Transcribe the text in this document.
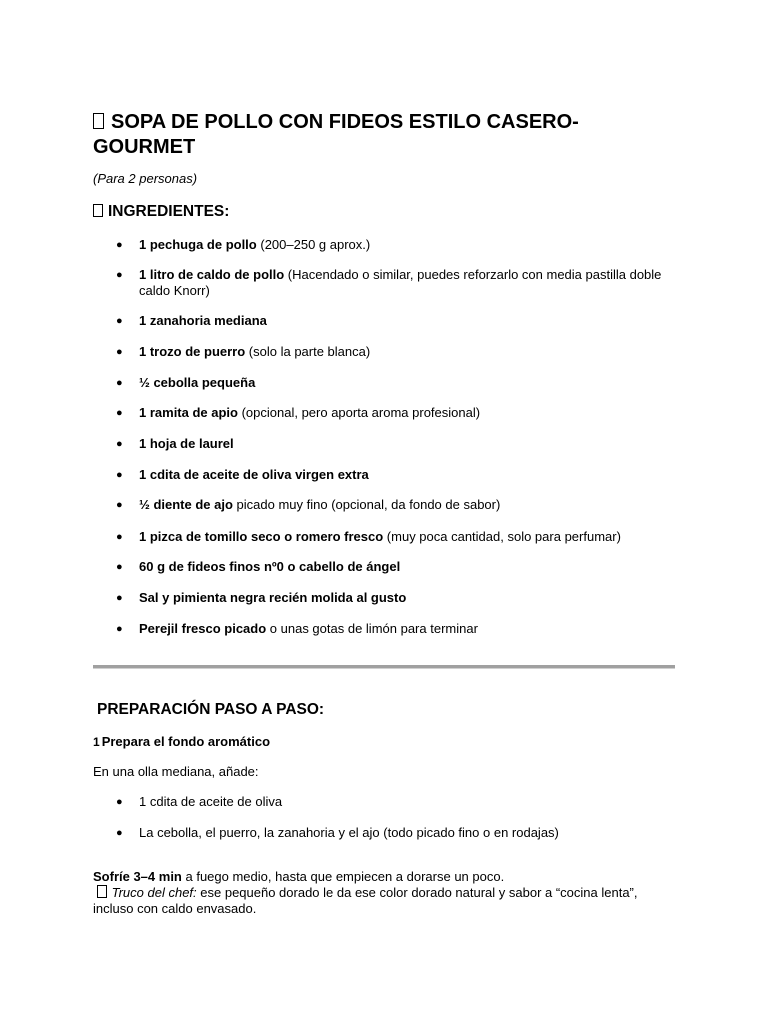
SOPA DE POLLO CON FIDEOS ESTILO CASERO-GOURMET

(Para 2 personas)

INGREDIENTES:
● 1 pechuga de pollo (200–250 g aprox.)
● 1 litro de caldo de pollo (Hacendado o similar, puedes reforzarlo con media pastilla doble caldo Knorr)
● 1 zanahoria mediana
● 1 trozo de puerro (solo la parte blanca)
● ½ cebolla pequeña
● 1 ramita de apio (opcional, pero aporta aroma profesional)
● 1 hoja de laurel
● 1 cdita de aceite de oliva virgen extra
● ½ diente de ajo picado muy fino (opcional, da fondo de sabor)
● 1 pizca de tomillo seco o romero fresco (muy poca cantidad, solo para perfumar)
● 60 g de fideos finos nº0 o cabello de ángel
● Sal y pimienta negra recién molida al gusto
● Perejil fresco picado o unas gotas de limón para terminar
PREPARACIÓN PASO A PASO:

1 Prepara el fondo aromático

En una olla mediana, añade:

● 1 cdita de aceite de oliva
● La cebolla, el puerro, la zanahoria y el ajo (todo picado fino o en rodajas)

Sofríe 3–4 min a fuego medio, hasta que empiecen a dorarse un poco.
Truco del chef: ese pequeño dorado le da ese color dorado natural y sabor a “cocina lenta”, incluso con caldo envasado.
